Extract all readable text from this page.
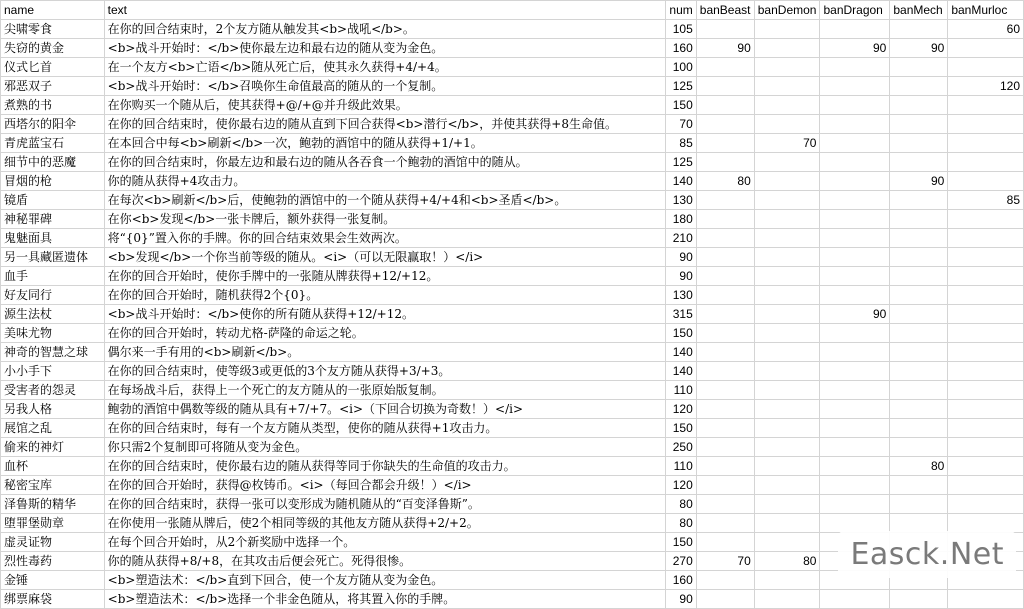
name	text	num	banBeast	banDemon	banDragon	banMech	banMurloc
尖啸零食	在你的回合结束时，2个友方随从触发其<b>战吼</b>。	105					60
失窃的黄金	<b>战斗开始时：</b>使你最左边和最右边的随从变为金色。	160	90		90	90	
仪式匕首	在一个友方<b>亡语</b>随从死亡后，使其永久获得+4/+4。	100					
邪恶双子	<b>战斗开始时：</b>召唤你生命值最高的随从的一个复制。	125					120
煮熟的书	在你购买一个随从后，使其获得+@/+@并升级此效果。	150					
西塔尔的阳伞	在你的回合结束时，使你最右边的随从直到下回合获得<b>潜行</b>，并使其获得+8生命值。	70					
青虎蓝宝石	在本回合中每<b>刷新</b>一次，鲍勃的酒馆中的随从获得+1/+1。	85		70			
细节中的恶魔	在你的回合结束时，你最左边和最右边的随从各吞食一个鲍勃的酒馆中的随从。	125					
冒烟的枪	你的随从获得+4攻击力。	140	80			90	
镜盾	在每次<b>刷新</b>后，使鲍勃的酒馆中的一个随从获得+4/+4和<b>圣盾</b>。	130					85
神秘罪碑	在你<b>发现</b>一张卡牌后，额外获得一张复制。	180					
鬼魅面具	将“{0}”置入你的手牌。你的回合结束效果会生效两次。	210					
另一具藏匿遗体	<b>发现</b>一个你当前等级的随从。<i>（可以无限赢取！）</i>	90					
血手	在你的回合开始时，使你手牌中的一张随从牌获得+12/+12。	90					
好友同行	在你的回合开始时，随机获得2个{0}。	130					
源生法杖	<b>战斗开始时：</b>使你的所有随从获得+12/+12。	315			90		
美味尤物	在你的回合开始时，转动尤格-萨隆的命运之轮。	150					
神奇的智慧之球	偶尔来一手有用的<b>刷新</b>。	140					
小小手下	在你的回合结束时，使等级3或更低的3个友方随从获得+3/+3。	140					
受害者的怨灵	在每场战斗后，获得上一个死亡的友方随从的一张原始版复制。	110					
另我人格	鲍勃的酒馆中偶数等级的随从具有+7/+7。<i>（下回合切换为奇数！）</i>	120					
展馆之乱	在你的回合结束时，每有一个友方随从类型，使你的随从获得+1攻击力。	150					
偷来的神灯	你只需2个复制即可将随从变为金色。	250					
血杯	在你的回合结束时，使你最右边的随从获得等同于你缺失的生命值的攻击力。	110				80	
秘密宝库	在你的回合开始时，获得@枚铸币。<i>（每回合都会升级！）</i>	120					
泽鲁斯的精华	在你的回合结束时，获得一张可以变形成为随机随从的“百变泽鲁斯”。	80					
堕罪堡勋章	在你使用一张随从牌后，使2个相同等级的其他友方随从获得+2/+2。	80					
虚灵证物	在每个回合开始时，从2个新奖励中选择一个。	150					
烈性毒药	你的随从获得+8/+8，在其攻击后便会死亡。死得很惨。	270	70	80			
金锤	<b>塑造法术：</b>直到下回合，使一个友方随从变为金色。	160					
绑票麻袋	<b>塑造法术：</b>选择一个非金色随从，将其置入你的手牌。	90					
Easck.Net
